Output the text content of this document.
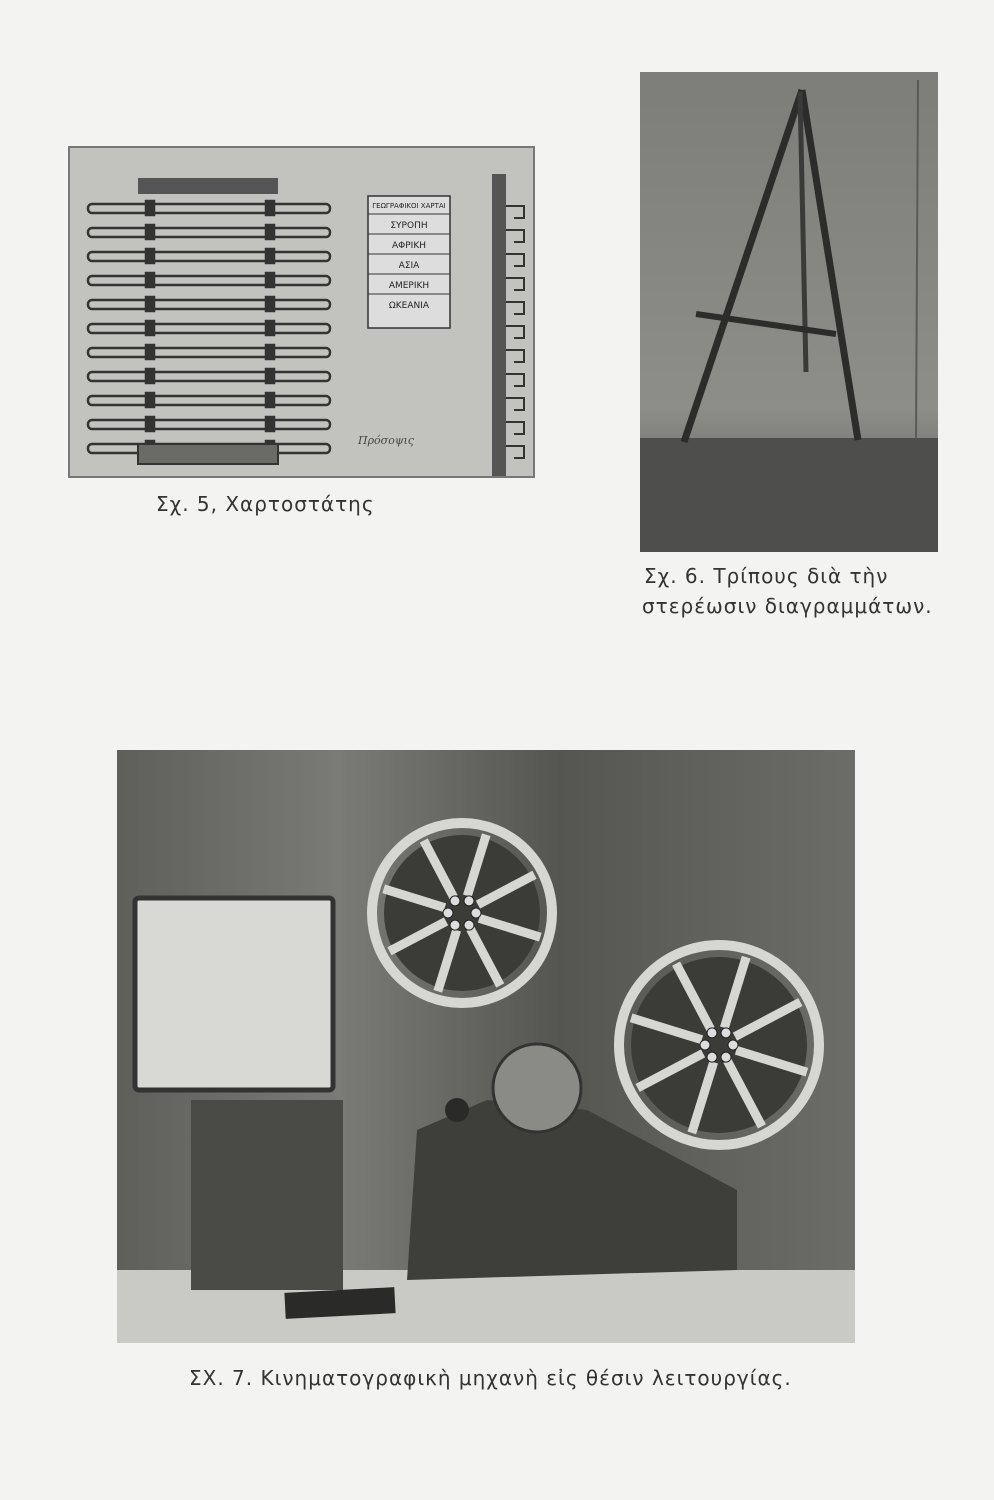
ΓΕΩΓΡΑΦΙΚΟΙ ΧΑΡΤΑΙ
ΣΥΡΟΠΗ
ΑΦΡΙΚΗ
ΑΣΙΑ
ΑΜΕΡΙΚΗ
ΩΚΕΑΝΙΑ
Πρόσοψις
Σχ. 5, Χαρτοστάτης
Σχ. 6. Τρίπους διὰ τὴν
στερέωσιν διαγραμμάτων.
ΣΧ. 7. Κινηματογραφικὴ μηχανὴ εἰς θέσιν λειτουργίας.
